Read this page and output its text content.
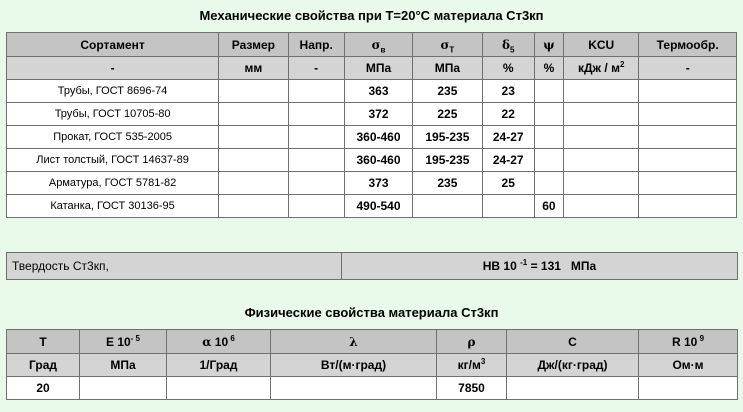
Механические свойства при Т=20°С материала Ст3кп
Сортамент	Размер	Напр.	$\sigma_в$	$\sigma_T$	$\delta_5$	ψ	KCU	Термообр.
-	мм	-	МПа	МПа	%	%	кДж / $м^2$	-
Трубы, ГОСТ 8696-74			363	235	23			
Трубы, ГОСТ 10705-80			372	225	22			
Прокат, ГОСТ 535-2005			360-460	195-235	24-27			
Лист толстый, ГОСТ 14637-89			360-460	195-235	24-27			
Арматура, ГОСТ 5781-82			373	235	25			
Катанка, ГОСТ 30136-95			490-540			60		
Твердость Ст3кп,	HB 10 $^{-1}$ = 131   МПа
Физические свойства материала Ст3кп
T	E $10^{- 5}$	α 10 $^6$	λ	ρ	C	R 10 $^9$
Град	МПа	1/Град	Вт/(м·град)	$кг/м^3$	Дж/(кг·град)	Ом·м
20				7850		
